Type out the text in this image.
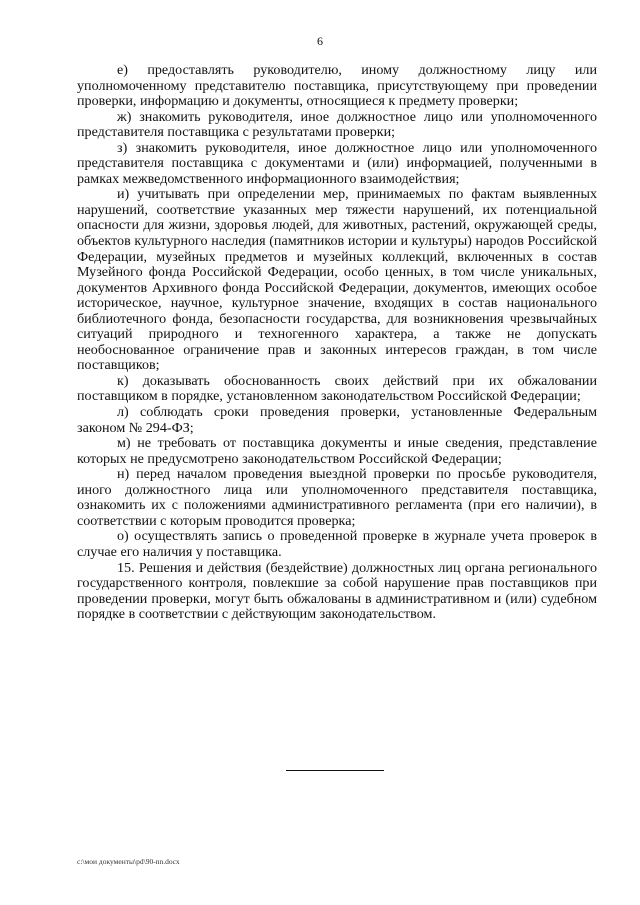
6

е) предоставлять руководителю, иному должностному лицу или уполномоченному представителю поставщика, присутствующему при проведении проверки, информацию и документы, относящиеся к предмету проверки;

ж) знакомить руководителя, иное должностное лицо или уполномоченного представителя поставщика с результатами проверки;

з) знакомить руководителя, иное должностное лицо или уполномоченного представителя поставщика с документами и (или) информацией, полученными в рамках межведомственного информационного взаимодействия;

и) учитывать при определении мер, принимаемых по фактам выявленных нарушений, соответствие указанных мер тяжести нарушений, их потенциальной опасности для жизни, здоровья людей, для животных, растений, окружающей среды, объектов культурного наследия (памятников истории и культуры) народов Российской Федерации, музейных предметов и музейных коллекций, включенных в состав Музейного фонда Российской Федерации, особо ценных, в том числе уникальных, документов Архивного фонда Российской Федерации, документов, имеющих особое историческое, научное, культурное значение, входящих в состав национального библиотечного фонда, безопасности государства, для возникновения чрезвычайных ситуаций природного и техногенного характера, а также не допускать необоснованное ограничение прав и законных интересов граждан, в том числе поставщиков;

к) доказывать обоснованность своих действий при их обжаловании поставщиком в порядке, установленном законодательством Российской Федерации;

л) соблюдать сроки проведения проверки, установленные Федеральным законом № 294-ФЗ;

м) не требовать от поставщика документы и иные сведения, представление которых не предусмотрено законодательством Российской Федерации;

н) перед началом проведения выездной проверки по просьбе руководителя, иного должностного лица или уполномоченного представителя поставщика, ознакомить их с положениями административного регламента (при его наличии), в соответствии с которым проводится проверка;

о) осуществлять запись о проведенной проверке в журнале учета проверок в случае его наличия у поставщика.

15. Решения и действия (бездействие) должностных лиц органа регионального государственного контроля, повлекшие за собой нарушение прав поставщиков при проведении проверки, могут быть обжалованы в административном и (или) судебном порядке в соответствии с действующим законодательством.

c:\мои документы\pd\90-nn.docx
